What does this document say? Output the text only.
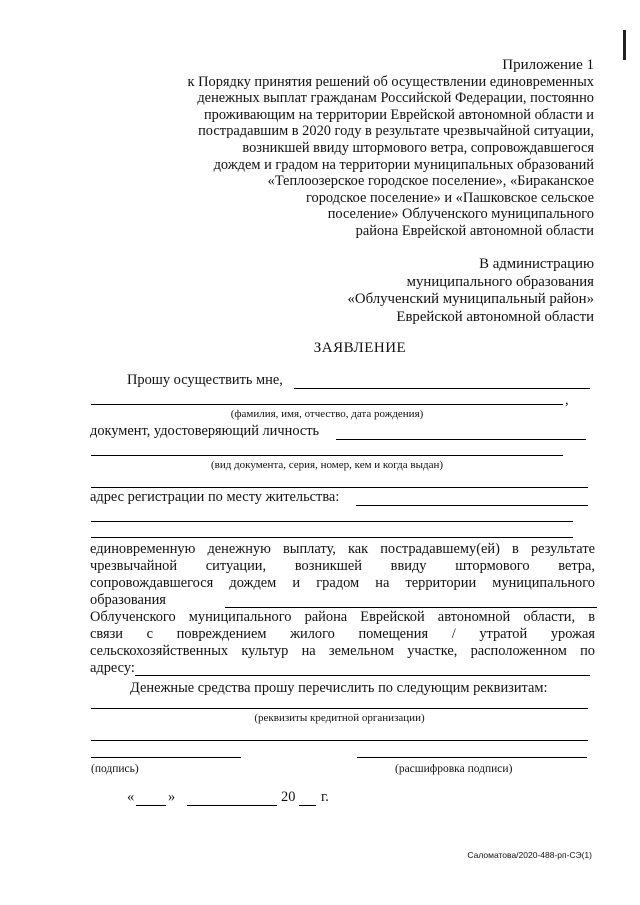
Приложение 1
к Порядку принятия решений об осуществлении единовременных
денежных выплат гражданам Российской Федерации, постоянно
проживающим на территории Еврейской автономной области и
пострадавшим в 2020 году в результате чрезвычайной ситуации,
возникшей ввиду штормового ветра, сопровождавшегося
дождем и градом на территории муниципальных образований
«Теплоозерское городское поселение», «Бираканское
городское поселение» и «Пашковское сельское
поселение» Облученского муниципального
района Еврейской автономной области
В администрацию
муниципального образования
«Облученский муниципальный район»
Еврейской автономной области
ЗАЯВЛЕНИЕ
Прошу осуществить мне,
,
(фамилия, имя, отчество, дата рождения)
документ, удостоверяющий личность
(вид документа, серия, номер, кем и когда выдан)
адрес регистрации по месту жительства:
единовременную денежную выплату, как пострадавшему(ей) в результате
чрезвычайной ситуации, возникшей ввиду штормового ветра,
сопровождавшегося дождем и градом на территории муниципального
образования
Облученского муниципального района Еврейской автономной области, в
связи с повреждением жилого помещения / утратой урожая
сельскохозяйственных культур на земельном участке, расположенном по
адресу:
Денежные средства прошу перечислить по следующим реквизитам:
(реквизиты кредитной организации)
(подпись)	(расшифровка подписи)
« »	20 г.
Саломатова/2020-488-рп-СЭ(1)
